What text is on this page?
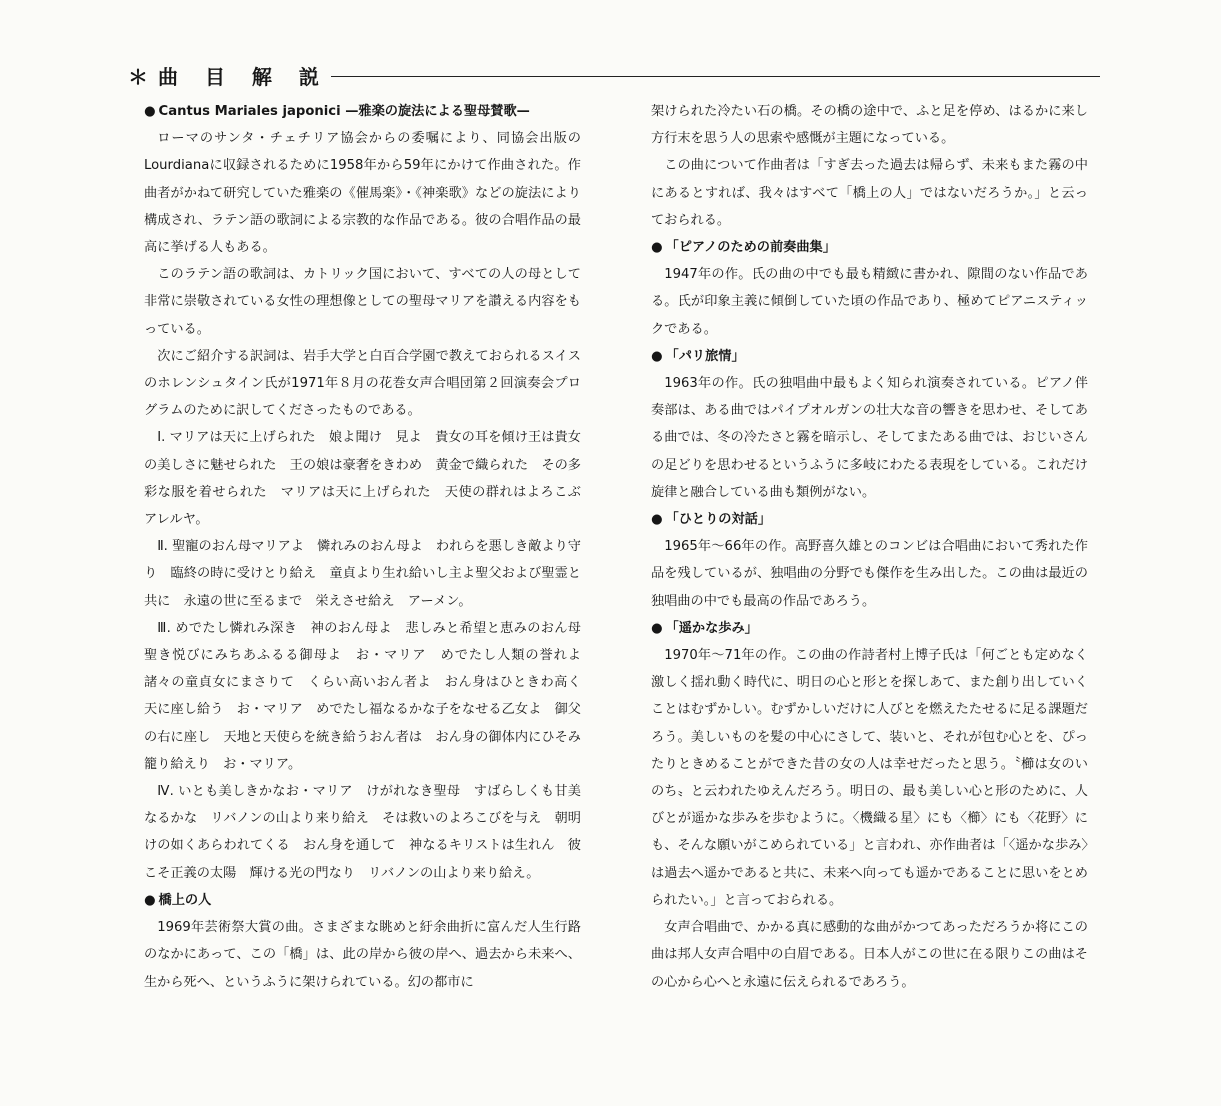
＊曲 目 解 説

● Cantus Mariales japonici —雅楽の旋法による聖母賛歌—

ローマのサンタ・チェチリア協会からの委嘱により、同協会出版のLourdianaに収録されるために1958年から59年にかけて作曲された。作曲者がかねて研究していた雅楽の《催馬楽》・《神楽歌》などの旋法により構成され、ラテン語の歌詞による宗教的な作品である。彼の合唱作品の最高に挙げる人もある。

このラテン語の歌詞は、カトリック国において、すべての人の母として非常に崇敬されている女性の理想像としての聖母マリアを讃える内容をもっている。

次にご紹介する訳詞は、岩手大学と白百合学園で教えておられるスイスのホレンシュタイン氏が1971年８月の花巻女声合唱団第２回演奏会プログラムのために訳してくださったものである。

Ⅰ. マリアは天に上げられた　娘よ聞け　見よ　貴女の耳を傾け王は貴女の美しさに魅せられた　王の娘は豪奢をきわめ　黄金で織られた　その多彩な服を着せられた　マリアは天に上げられた　天使の群れはよろこぶ　アレルヤ。

Ⅱ. 聖寵のおん母マリアよ　憐れみのおん母よ　われらを悪しき敵より守り　臨終の時に受けとり給え　童貞より生れ給いし主よ聖父および聖霊と共に　永遠の世に至るまで　栄えさせ給え　アーメン。

Ⅲ. めでたし憐れみ深き　神のおん母よ　悲しみと希望と恵みのおん母　聖き悦びにみちあふるる御母よ　お・マリア　めでたし人類の誉れよ　諸々の童貞女にまさりて　くらい高いおん者よ　おん身はひときわ高く　天に座し給う　お・マリア　めでたし福なるかな子をなせる乙女よ　御父の右に座し　天地と天使らを統き給うおん者は　おん身の御体内にひそみ籠り給えり　お・マリア。

Ⅳ. いとも美しきかなお・マリア　けがれなき聖母　すばらしくも甘美なるかな　リバノンの山より来り給え　そは救いのよろこびを与え　朝明けの如くあらわれてくる　おん身を通して　神なるキリストは生れん　彼こそ正義の太陽　輝ける光の門なり　リバノンの山より来り給え。

● 橋上の人

1969年芸術祭大賞の曲。さまざまな眺めと紆余曲折に富んだ人生行路のなかにあって、この「橋」は、此の岸から彼の岸へ、過去から未来へ、生から死へ、というふうに架けられている。幻の都市に

架けられた冷たい石の橋。その橋の途中で、ふと足を停め、はるかに来し方行末を思う人の思索や感慨が主題になっている。

この曲について作曲者は「すぎ去った過去は帰らず、未来もまた霧の中にあるとすれば、我々はすべて「橋上の人」ではないだろうか。」と云っておられる。

● 「ピアノのための前奏曲集」

1947年の作。氏の曲の中でも最も精緻に書かれ、隙間のない作品である。氏が印象主義に傾倒していた頃の作品であり、極めてピアニスティックである。

● 「パリ旅情」

1963年の作。氏の独唱曲中最もよく知られ演奏されている。ピアノ伴奏部は、ある曲ではパイプオルガンの壮大な音の響きを思わせ、そしてある曲では、冬の冷たさと霧を暗示し、そしてまたある曲では、おじいさんの足どりを思わせるというふうに多岐にわたる表現をしている。これだけ旋律と融合している曲も類例がない。

● 「ひとりの対話」

1965年～66年の作。高野喜久雄とのコンビは合唱曲において秀れた作品を残しているが、独唱曲の分野でも傑作を生み出した。この曲は最近の独唱曲の中でも最高の作品であろう。

● 「遥かな歩み」

1970年～71年の作。この曲の作詩者村上博子氏は「何ごとも定めなく激しく揺れ動く時代に、明日の心と形とを探しあて、また創り出していくことはむずかしい。むずかしいだけに人びとを燃えたたせるに足る課題だろう。美しいものを髪の中心にさして、装いと、それが包む心とを、ぴったりときめることができた昔の女の人は幸せだったと思う。〝櫛は女のいのち〟と云われたゆえんだろう。明日の、最も美しい心と形のために、人びとが遥かな歩みを歩むように。〈機織る星〉にも〈櫛〉にも〈花野〉にも、そんな願いがこめられている」と言われ、亦作曲者は「〈遥かな歩み〉は過去へ遥かであると共に、未来へ向っても遥かであることに思いをとめられたい。」と言っておられる。

女声合唱曲で、かかる真に感動的な曲がかつてあっただろうか将にこの曲は邦人女声合唱中の白眉である。日本人がこの世に在る限りこの曲はその心から心へと永遠に伝えられるであろう。
